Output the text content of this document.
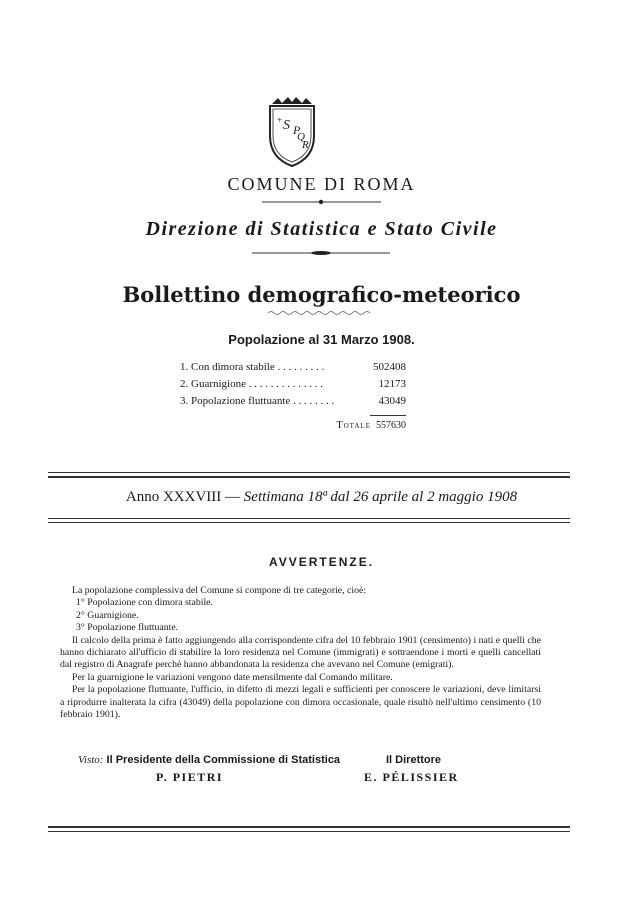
+ S P
Q
R
COMUNE DI ROMA
Direzione di Statistica e Stato Civile
Bollettino demografico-meteorico
Popolazione al 31 Marzo 1908.
1. Con dimora stabile . . . . . . . . .	502408
2. Guarnigione . . . . . . . . . . . . . .	12173
3. Popolazione fluttuante . . . . . . . .	43049
Totale 557630
Anno XXXVIII — Settimana 18ª dal 26 aprile al 2 maggio 1908
AVVERTENZE.

La popolazione complessiva del Comune si compone di tre categorie, cioè:

1° Popolazione con dimora stabile.

2° Guarnigione.

3° Popolazione fluttuante.

Il calcolo della prima è fatto aggiungendo alla corrispondente cifra del 10 febbraio 1901 (censimento) i nati e quelli che hanno dichiarato all'ufficio di stabilire la loro residenza nel Comune (immigrati) e sottraendone i morti e quelli cancellati dal registro di Anagrafe perchè hanno abbandonata la residenza che avevano nel Comune (emigrati).

Per la guarnigione le variazioni vengono date mensilmente dal Comando militare.

Per la popolazione fluttuante, l'ufficio, in difetto di mezzi legali e sufficienti per conoscere le variazioni, deve limitarsi a riprodurre inalterata la cifra (43049) della popolazione con dimora occasionale, quale risultò nell'ultimo censimento (10 febbraio 1901).

Visto: Il Presidente della Commissione di Statistica	Il Direttore
P. PIETRI	E. PÉLISSIER
